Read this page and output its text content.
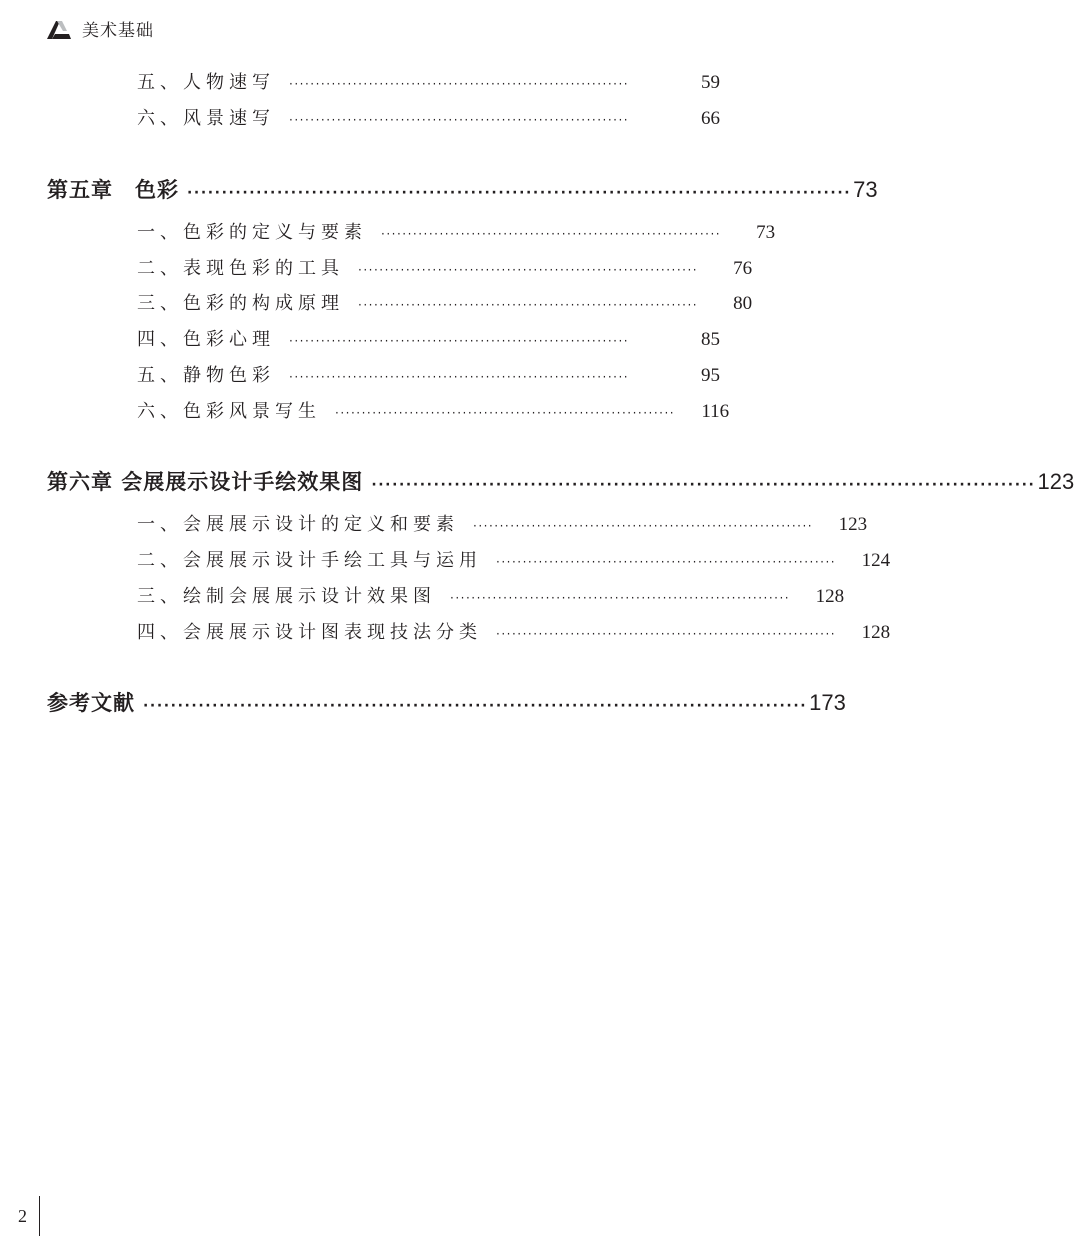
美术基础
五、人物速写 ································································	59
六、风景速写 ································································	66
第五章　色彩 ································································································ 73
一、色彩的定义与要素 ································································	73
二、表现色彩的工具 ································································	76
三、色彩的构成原理 ································································	80
四、色彩心理 ································································	85
五、静物色彩 ································································	95
六、色彩风景写生 ································································	116
第六章 会展展示设计手绘效果图 ································································································ 123
一、会展展示设计的定义和要素 ································································	123
二、会展展示设计手绘工具与运用 ································································	124
三、绘制会展展示设计效果图 ································································	128
四、会展展示设计图表现技法分类 ································································	128
参考文献 ································································································ 173
2
